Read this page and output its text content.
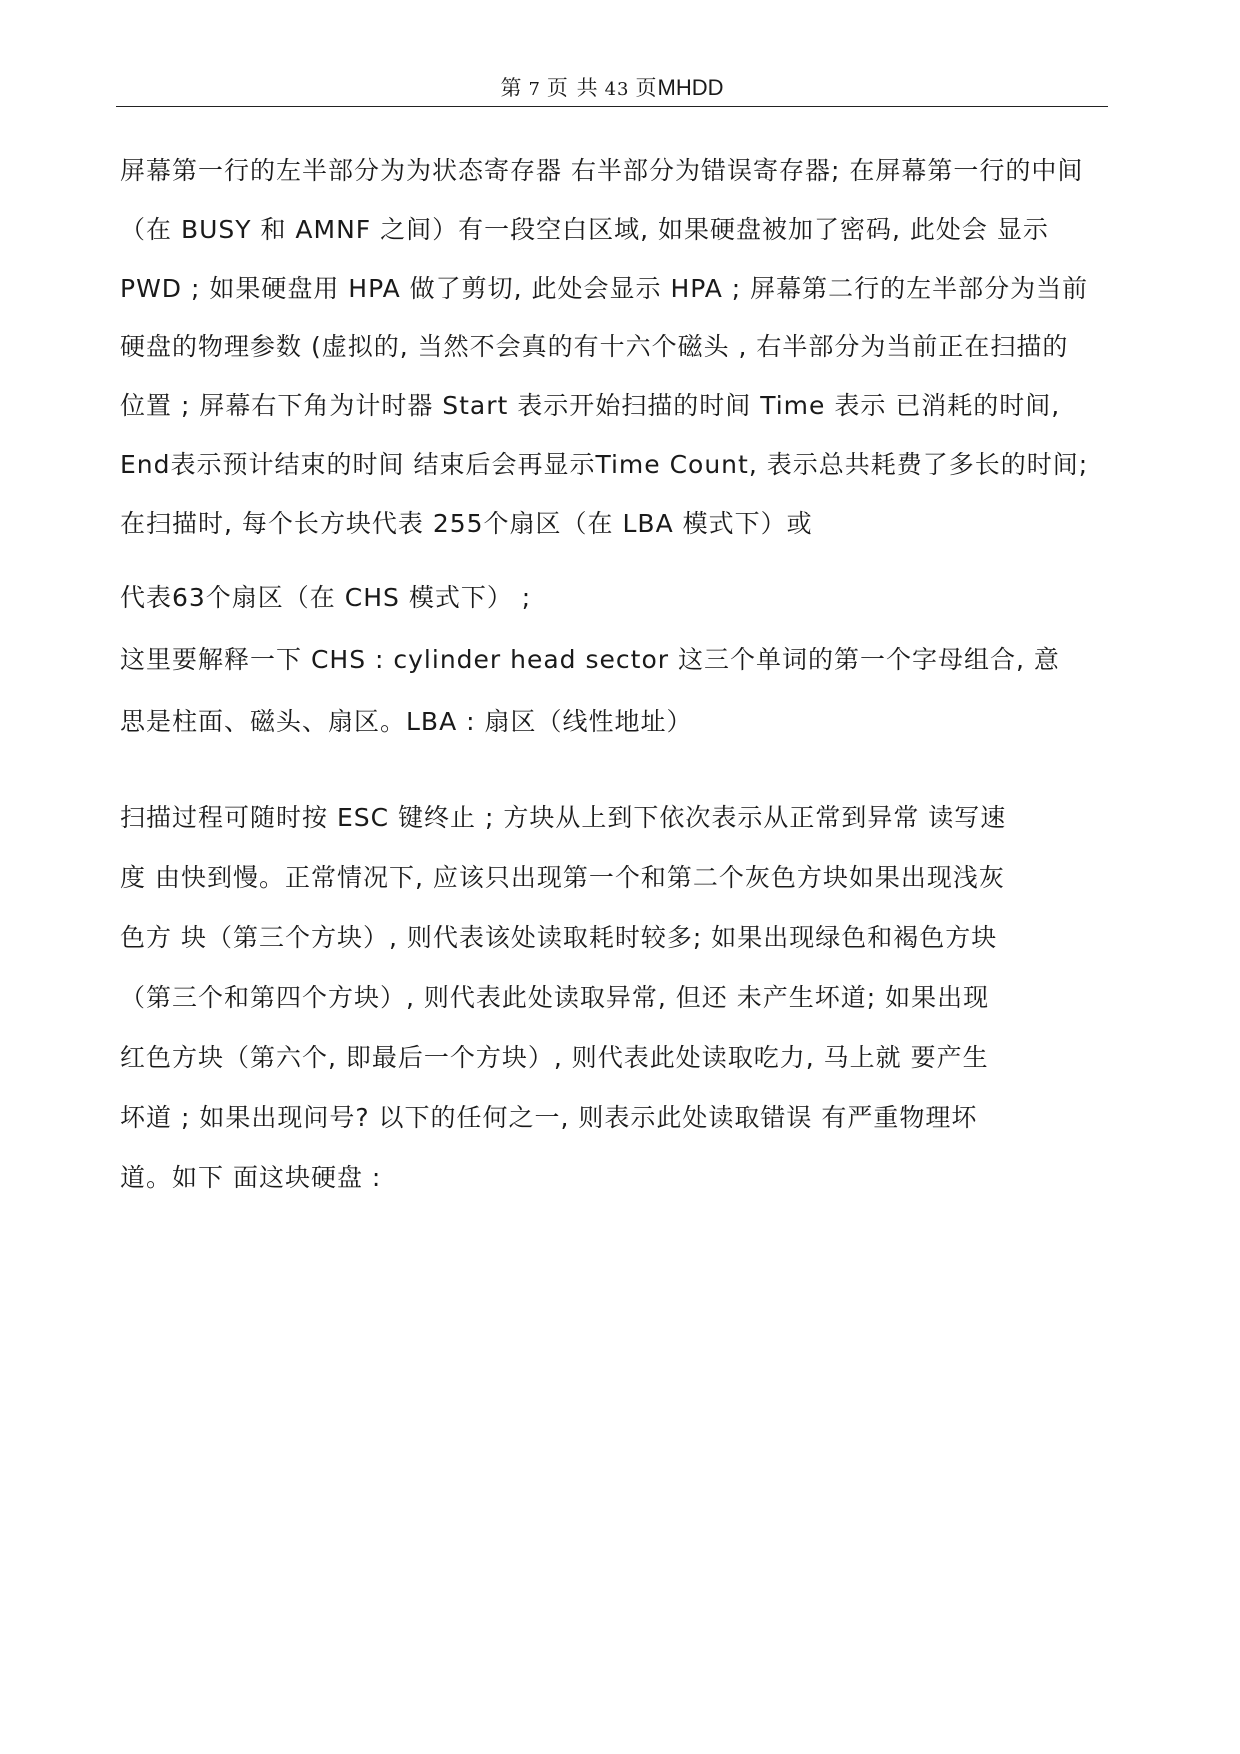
第 7 页 共 43 页MHDD
屏幕第一行的左半部分为为状态寄存器 右半部分为错误寄存器; 在屏幕第一行的中间
（在 BUSY 和 AMNF 之间）有一段空白区域, 如果硬盘被加了密码, 此处会 显示
PWD ; 如果硬盘用 HPA 做了剪切, 此处会显示 HPA ; 屏幕第二行的左半部分为当前
硬盘的物理参数 (虚拟的, 当然不会真的有十六个磁头 , 右半部分为当前正在扫描的
位置 ; 屏幕右下角为计时器 Start 表示开始扫描的时间 Time 表示 已消耗的时间,
End表示预计结束的时间 结束后会再显示Time Count, 表示总共耗费了多长的时间;
在扫描时, 每个长方块代表 255个扇区（在 LBA 模式下）或
代表63个扇区（在 CHS 模式下） ;
这里要解释一下 CHS : cylinder head sector 这三个单词的第一个字母组合, 意
思是柱面、磁头、扇区。LBA : 扇区（线性地址）
扫描过程可随时按 ESC 键终止 ; 方块从上到下依次表示从正常到异常 读写速
度 由快到慢。正常情况下, 应该只出现第一个和第二个灰色方块如果出现浅灰
色方 块（第三个方块）, 则代表该处读取耗时较多; 如果出现绿色和褐色方块
（第三个和第四个方块）, 则代表此处读取异常, 但还 未产生坏道; 如果出现
红色方块（第六个, 即最后一个方块）, 则代表此处读取吃力, 马上就 要产生
坏道 ; 如果出现问号? 以下的任何之一, 则表示此处读取错误 有严重物理坏
道。如下 面这块硬盘 :
